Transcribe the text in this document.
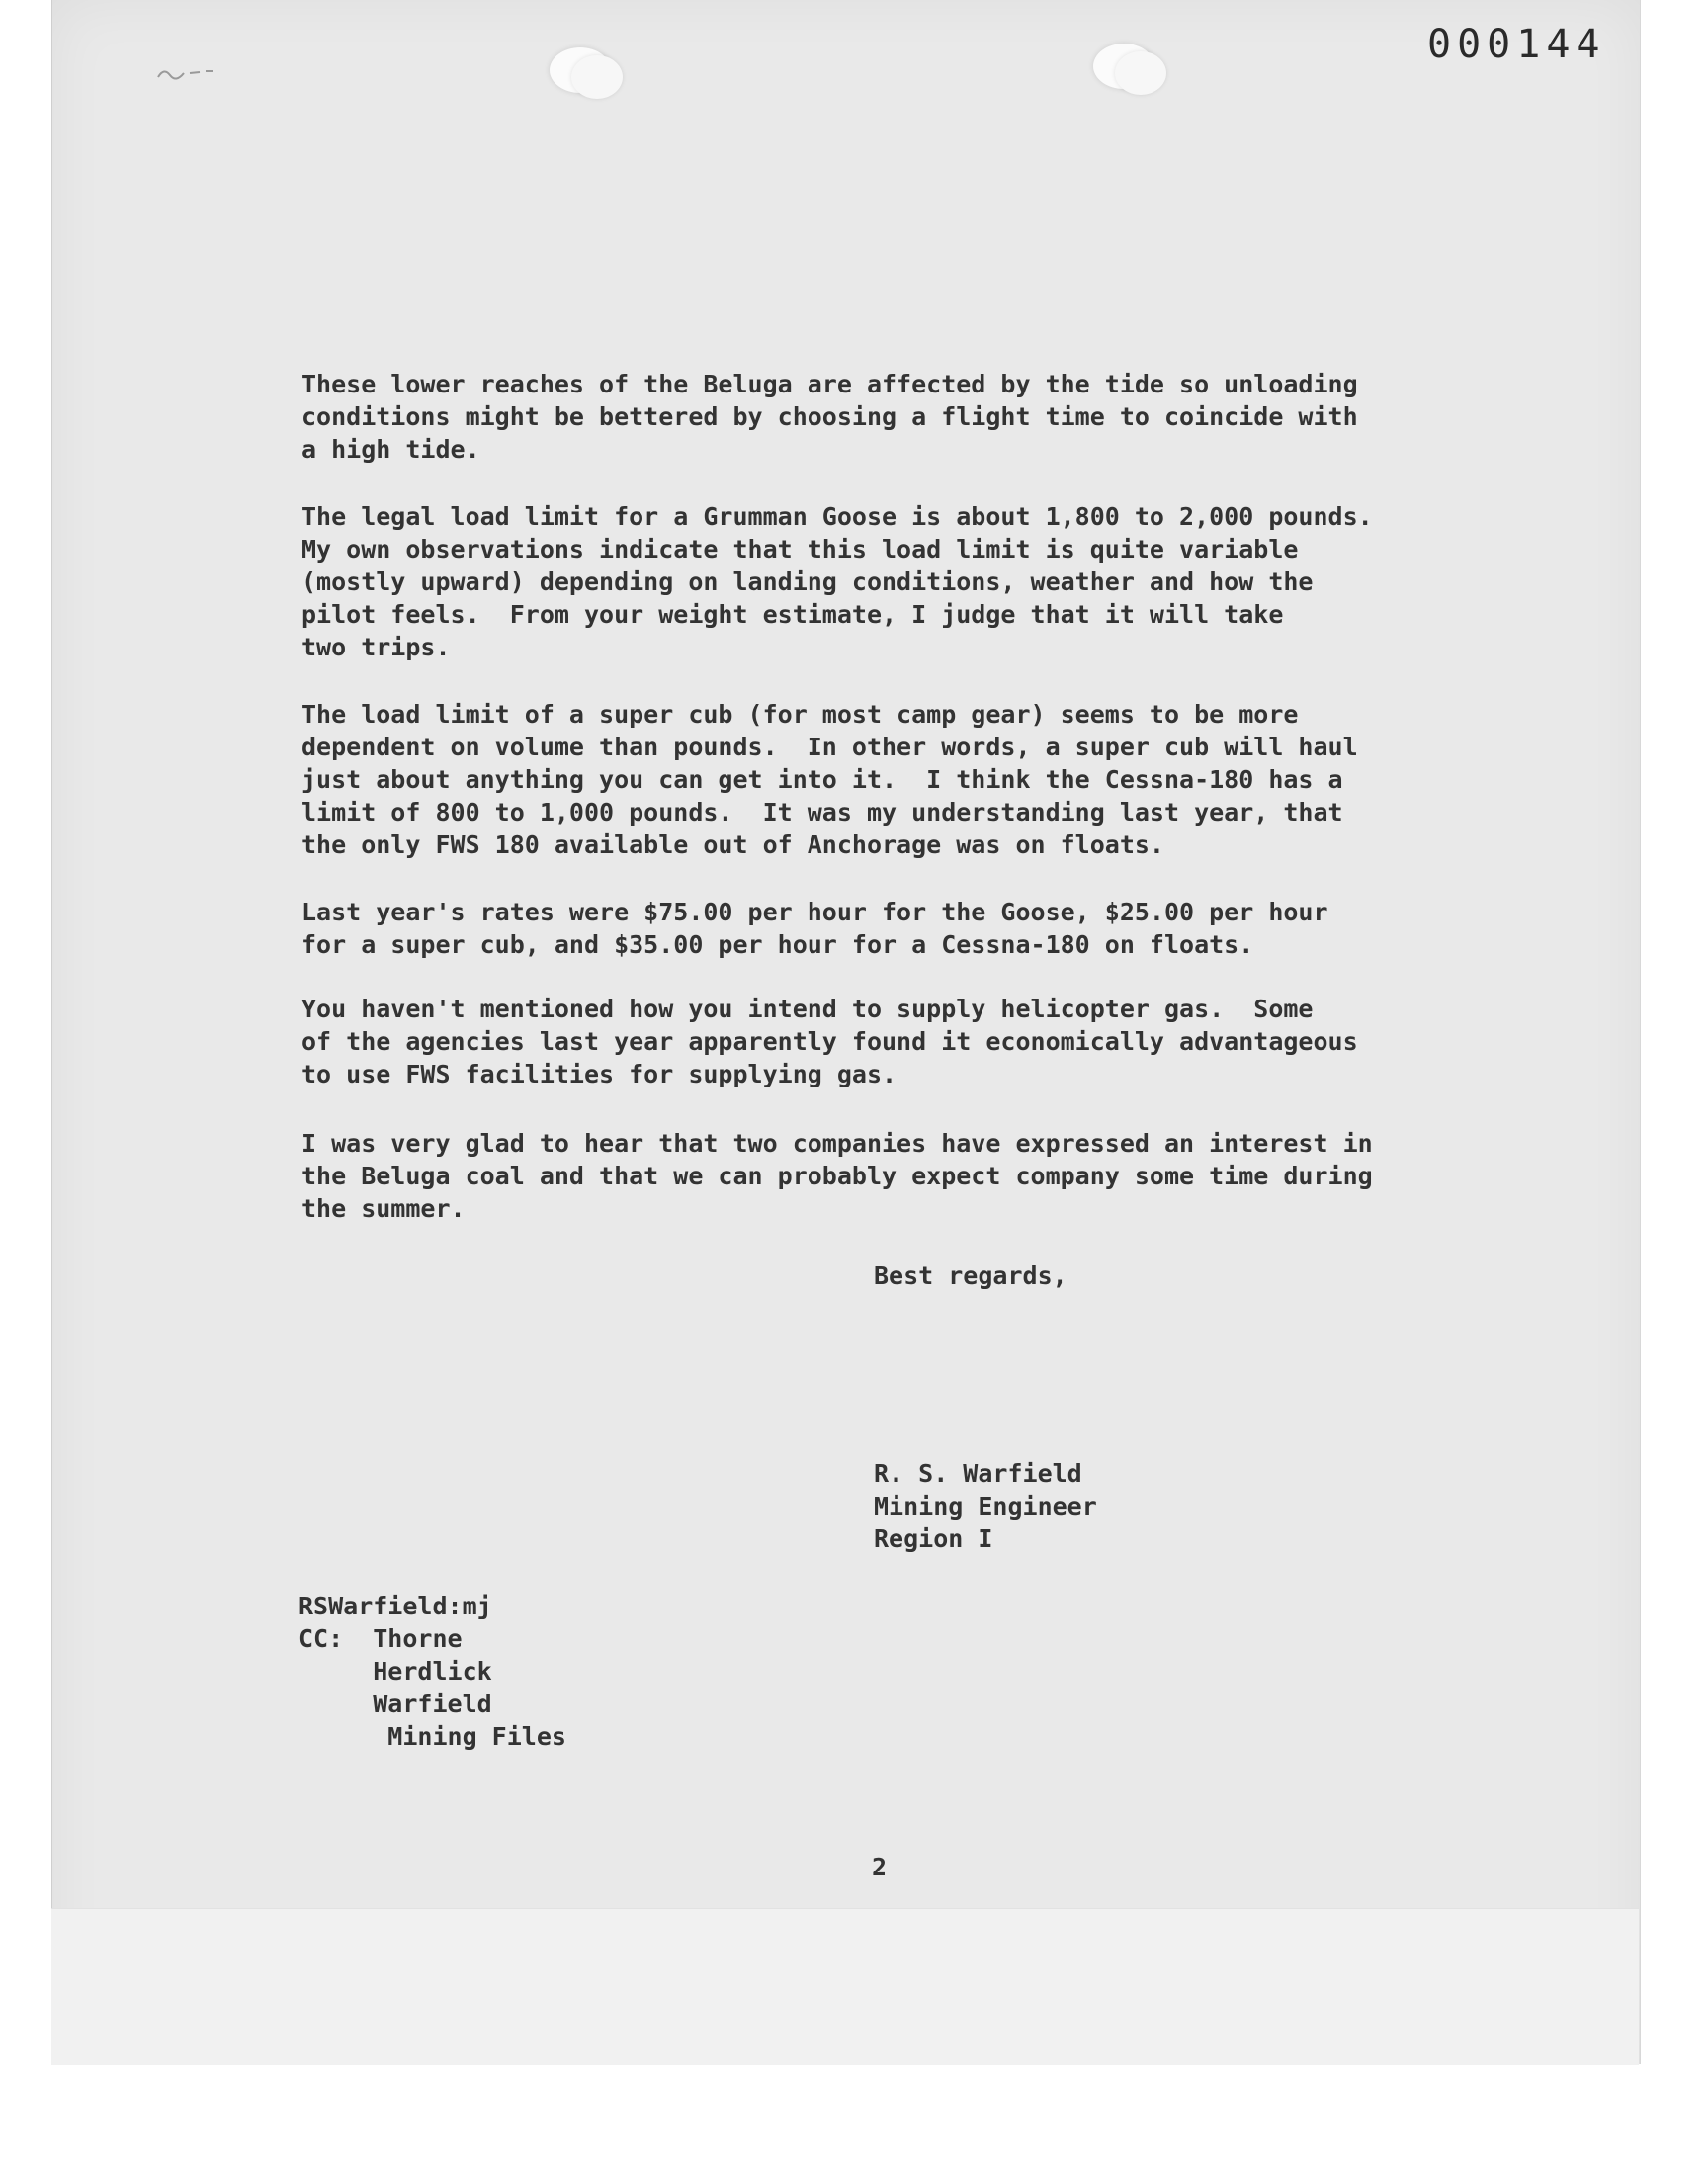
000144

These lower reaches of the Beluga are affected by the tide so unloading
conditions might be bettered by choosing a flight time to coincide with
a high tide.

The legal load limit for a Grumman Goose is about 1,800 to 2,000 pounds.
My own observations indicate that this load limit is quite variable
(mostly upward) depending on landing conditions, weather and how the
pilot feels.  From your weight estimate, I judge that it will take
two trips.

The load limit of a super cub (for most camp gear) seems to be more
dependent on volume than pounds.  In other words, a super cub will haul
just about anything you can get into it.  I think the Cessna-180 has a
limit of 800 to 1,000 pounds.  It was my understanding last year, that
the only FWS 180 available out of Anchorage was on floats.

Last year's rates were $75.00 per hour for the Goose, $25.00 per hour
for a super cub, and $35.00 per hour for a Cessna-180 on floats.

You haven't mentioned how you intend to supply helicopter gas.  Some
of the agencies last year apparently found it economically advantageous
to use FWS facilities for supplying gas.

I was very glad to hear that two companies have expressed an interest in
the Beluga coal and that we can probably expect company some time during
the summer.

Best regards,
R. S. Warfield
Mining Engineer
Region I
RSWarfield:mj
CC:  Thorne
Herdlick
Warfield
Mining Files
2
